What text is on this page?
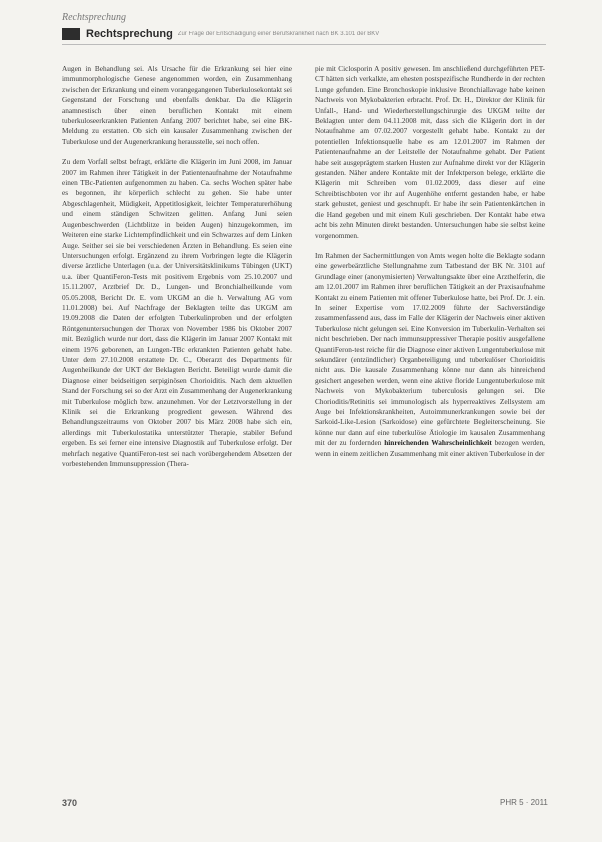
Rechtsprechung
Rechtsprechung Zur Frage der Entschädigung einer Berufskrankheit nach BK 3.101 der BKV

Augen in Behandlung sei. Als Ursache für die Erkrankung sei hier eine immunmorphologische Genese angenommen worden, ein Zusammenhang zwischen der Erkrankung und einem vorangegangenen Tuberkulosekontakt sei Gegenstand der Forschung und ebenfalls denkbar. Da die Klägerin anamnestisch über einen beruflichen Kontakt mit einem tuberkuloseerkrankten Patienten Anfang 2007 berichtet habe, sei eine BK-Meldung zu erstatten. Ob sich ein kausaler Zusammenhang zwischen der Tuberkulose und der Augenerkrankung herausstelle, sei noch offen.

Zu dem Vorfall selbst befragt, erklärte die Klägerin im Juni 2008, im Januar 2007 im Rahmen ihrer Tätigkeit in der Patientenaufnahme der Notaufnahme einen TBc-Patienten aufgenommen zu haben. Ca. sechs Wochen später habe es begonnen, ihr körperlich schlecht zu gehen. Sie habe unter Abgeschlagenheit, Müdigkeit, Appetitlosigkeit, leichter Temperaturerhöhung und einem ständigen Schwitzen gelitten. Anfang Juni seien Augenbeschwerden (Lichtblitze in beiden Augen) hinzugekommen, im Weiteren eine starke Lichtempfindlichkeit und ein Schwarzes auf dem Linken Auge. Seither sei sie bei verschiedenen Ärzten in Behandlung. Es seien eine Untersuchungen erfolgt. Ergänzend zu ihrem Vorbringen legte die Klägerin diverse ärztliche Unterlagen (u.a. der Universitätsklinikums Tübingen (UKT) u.a. über QuantiFeron-Tests mit positivem Ergebnis vom 25.10.2007 und 15.11.2007, Arztbrief Dr. D., Lungen- und Bronchialheilkunde vom 05.05.2008, Bericht Dr. E. vom UKGM an die h. Verwaltung AG vom 11.01.2008) bei. Auf Nachfrage der Beklagten teilte das UKGM am 19.09.2008 die Daten der erfolgten Tuberkulinproben und der erfolgten Röntgenuntersuchungen der Thorax von November 1986 bis Oktober 2007 mit. Bezüglich wurde nur dort, dass die Klägerin im Januar 2007 Kontakt mit einem 1976 geborenen, an Lungen-TBc erkrankten Patienten gehabt habe. Unter dem 27.10.2008 erstattete Dr. C., Oberarzt des Departments für Augenheilkunde der UKT der Beklagten Bericht. Beteiligt wurde damit die Diagnose einer beidseitigen serpiginösen Chorioiditis. Nach dem aktuellen Stand der Forschung sei so der Arzt ein Zusammenhang der Augenerkrankung mit Tuberkulose möglich bzw. anzunehmen. Vor der Letztvorstellung in der Klinik sei die Erkrankung progredient gewesen. Während des Behandlungszeitraums von Oktober 2007 bis März 2008 habe sich ein, allerdings mit Tuberkulostatika unterstützter Therapie, stabiler Befund ergeben. Es sei ferner eine intensive Diagnostik auf Tuberkulose erfolgt. Der mehrfach negative QuantiFeron-test sei nach vorübergehendem Absetzen der vorbestehenden Immunsuppression (Thera-

pie mit Ciclosporin A positiv gewesen. Im anschließend durchgeführten PET-CT hätten sich verkalkte, am ehesten postspezifische Rundherde in der rechten Lunge gefunden. Eine Bronchoskopie inklusive Bronchiallavage habe keinen Nachweis von Mykobakterien erbracht. Prof. Dr. H., Direktor der Klinik für Unfall-, Hand- und Wiederherstellungschirurgie des UKGM teilte der Beklagten unter dem 04.11.2008 mit, dass sich die Klägerin dort in der Notaufnahme am 07.02.2007 vorgestellt gehabt habe. Kontakt zu der potentiellen Infektionsquelle habe es am 12.01.2007 im Rahmen der Patientenaufnahme an der Leitstelle der Notaufnahme gehabt. Der Patient habe seit ausgeprägtem starken Husten zur Aufnahme direkt vor der Klägerin gestanden. Näher andere Kontakte mit der Infektperson belege, erklärte die Klägerin mit Schreiben vom 01.02.2009, dass dieser auf eine Schreibtischboten vor ihr auf Augenhöhe entfernt gestanden habe, er habe stark gehustet, geniest und geschnupft. Er habe ihr sein Patientenkärtchen in die Hand gegeben und mit einem Kuli geschrieben. Der Kontakt habe etwa acht bis zehn Minuten direkt bestanden. Untersuchungen habe sie selbst keine vorgenommen.

Im Rahmen der Sachermittlungen von Amts wegen holte die Beklagte sodann eine gewerbeärztliche Stellungnahme zum Tatbestand der BK Nr. 3101 auf Grundlage einer (anonymisierten) Verwaltungsakte über eine Arzthelferin, die am 12.01.2007 im Rahmen ihrer beruflichen Tätigkeit an der Praxisaufnahme Kontakt zu einem Patienten mit offener Tuberkulose hatte, bei Prof. Dr. J. ein. In seiner Expertise vom 17.02.2009 führte der Sachverständige zusammenfassend aus, dass im Falle der Klägerin der Nachweis einer aktiven Tuberkulose nicht gelungen sei. Eine Konversion im Tuberkulin-Verhalten sei nicht beschrieben. Der nach immunsuppressiver Therapie positiv ausgefallene QuantiFeron-test reiche für die Diagnose einer aktiven Lungentuberkulose mit sekundärer (entzündlicher) Organbeteiligung und tuberkulöser Chorioiditis nicht aus. Die kausale Zusammenhang könne nur dann als hinreichend gesichert angesehen werden, wenn eine aktive floride Lungentuberkulose mit Nachweis von Mykobakterium tuberculosis gelungen sei. Die Chorioditis/Retinitis sei immunologisch als hyperreaktives Zellsystem am Auge bei Infektionskrankheiten, Autoimmunerkrankungen sowie bei der Sarkoid-Like-Lesion (Sarkoidose) eine gefürchtete Begleiterscheinung. Sie könne nur dann auf eine tuberkulöse Ätiologie im kausalen Zusammenhang mit der zu fordernden hinreichenden Wahrscheinlichkeit bezogen werden, wenn in einem zeitlichen Zusammenhang mit einer aktiven Tuberkulose in der

370	PHR 5 · 2011
